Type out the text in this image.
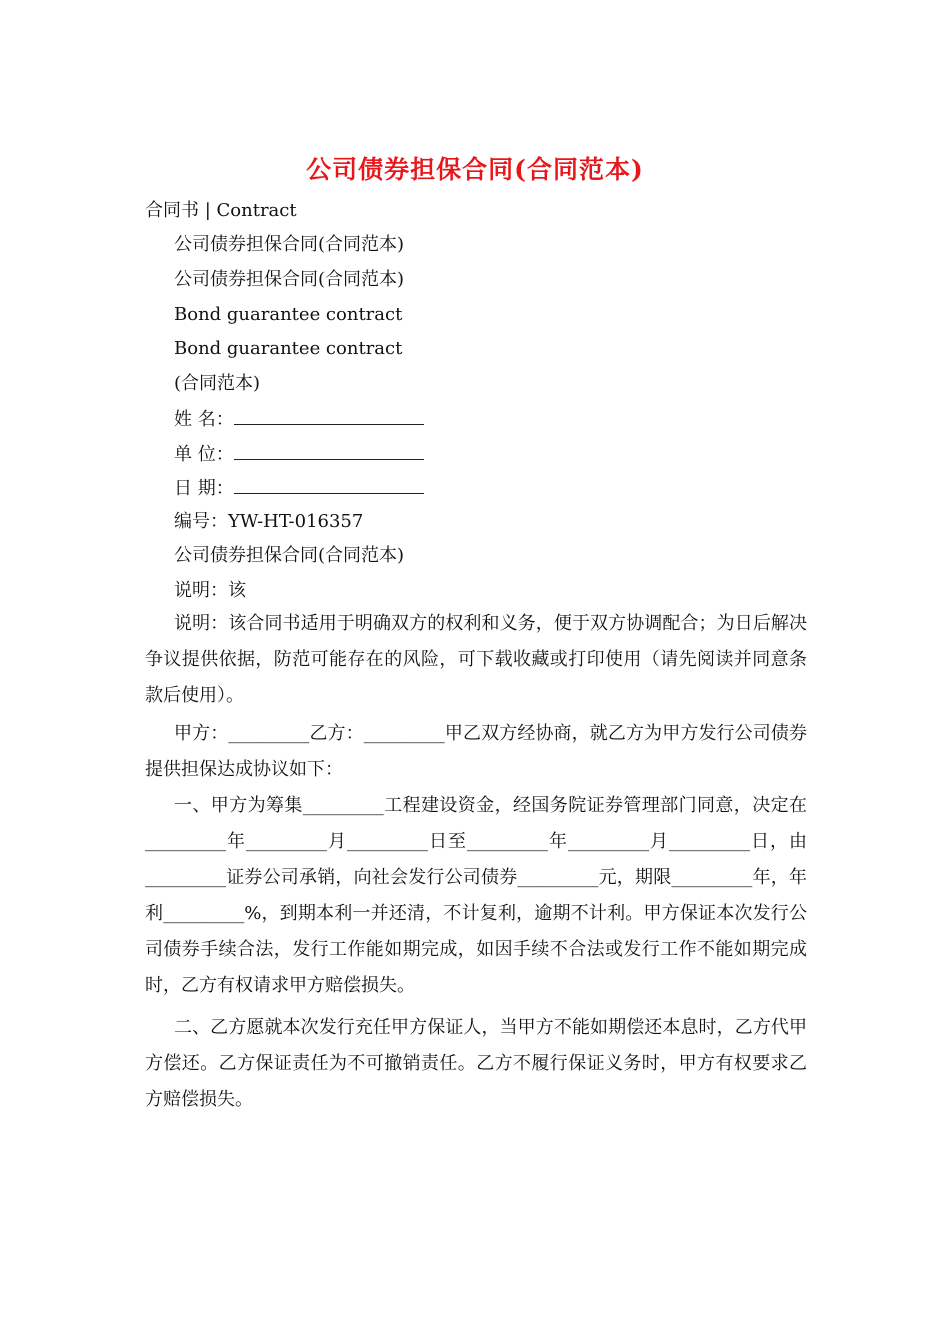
公司债券担保合同(合同范本)
合同书 | Contract
公司债券担保合同(合同范本)
公司债券担保合同(合同范本)
Bond guarantee contract
Bond guarantee contract
(合同范本)
姓 名：
单 位：
日 期：
编号：YW-HT-016357
公司债券担保合同(合同范本)
说明：该
说明：该合同书适用于明确双方的权利和义务，便于双方协调配合；为日后解决争议提供依据，防范可能存在的风险，可下载收藏或打印使用（请先阅读并同意条款后使用）。
甲方：_________乙方：_________甲乙双方经协商，就乙方为甲方发行公司债券提供担保达成协议如下：
一、甲方为筹集_________工程建设资金，经国务院证券管理部门同意，决定在_________年_________月_________日至_________年_________月_________日，由_________证券公司承销，向社会发行公司债券_________元，期限_________年，年利_________%，到期本利一并还清，不计复利，逾期不计利。甲方保证本次发行公司债券手续合法，发行工作能如期完成，如因手续不合法或发行工作不能如期完成时，乙方有权请求甲方赔偿损失。
二、乙方愿就本次发行充任甲方保证人，当甲方不能如期偿还本息时，乙方代甲方偿还。乙方保证责任为不可撤销责任。乙方不履行保证义务时，甲方有权要求乙方赔偿损失。
